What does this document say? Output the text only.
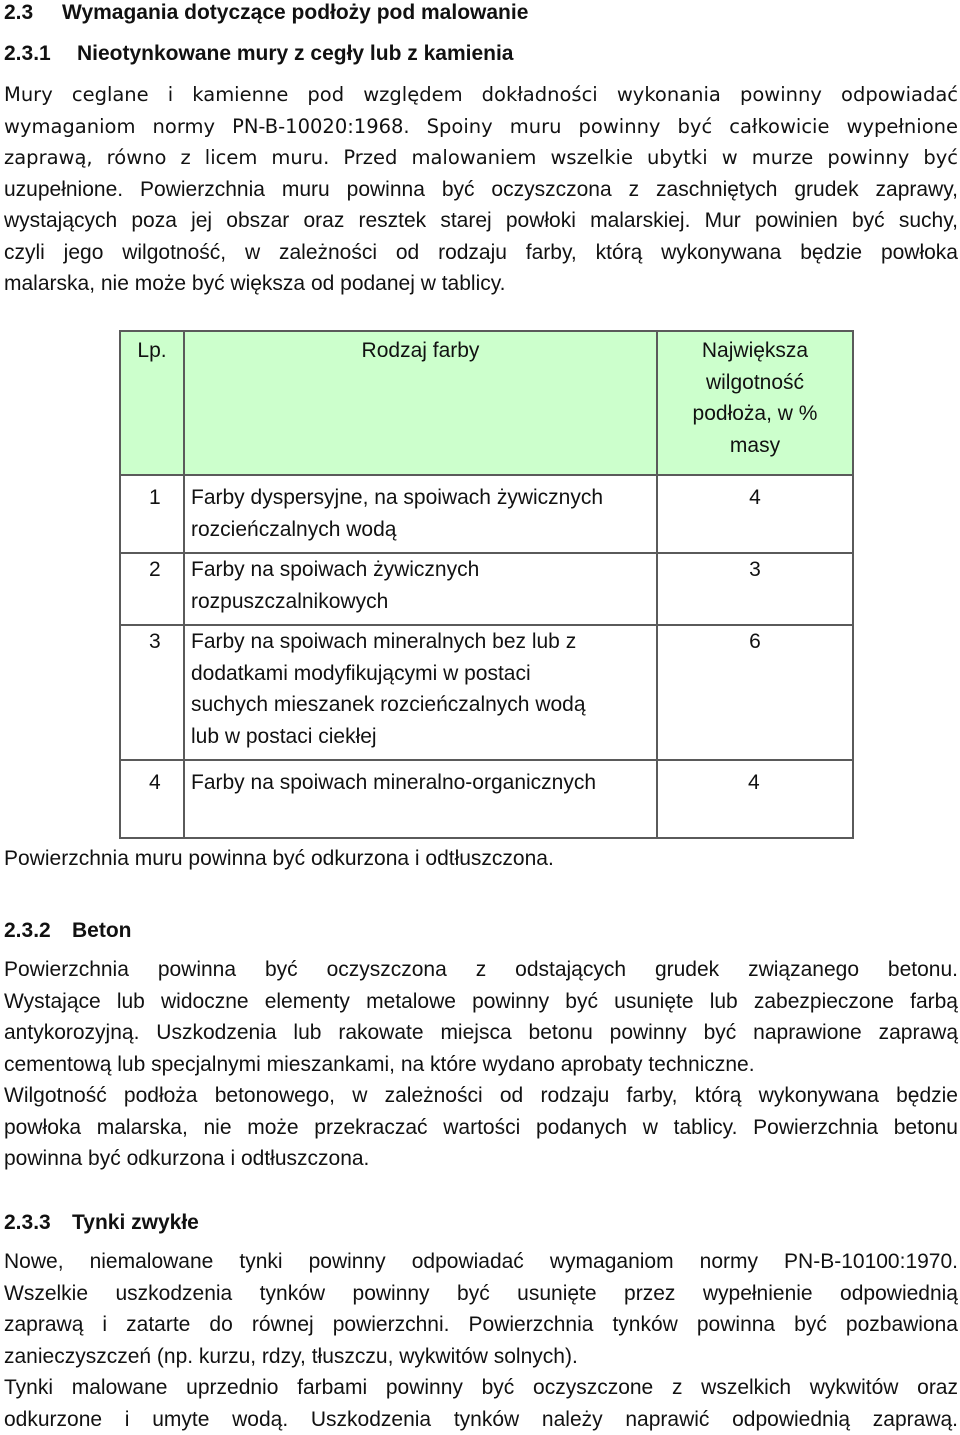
2.3 Wymagania dotyczące podłoży pod malowanie
2.3.1 Nieotynkowane mury z cegły lub z kamienia
Mury ceglane i kamienne pod względem dokładności wykonania powinny odpowiadać
wymaganiom normy PN-B-10020:1968. Spoiny muru powinny być całkowicie wypełnione
zaprawą, równo z licem muru. Przed malowaniem wszelkie ubytki w murze powinny być
uzupełnione. Powierzchnia muru powinna być oczyszczona z zaschniętych grudek zaprawy,
wystających poza jej obszar oraz resztek starej powłoki malarskiej. Mur powinien być suchy,
czyli jego wilgotność, w zależności od rodzaju farby, którą wykonywana będzie powłoka
malarska, nie może być większa od podanej w tablicy.
Lp.	Rodzaj farby	Największa
wilgotność
podłoża, w %
masy

1	Farby dyspersyjne, na spoiwach żywicznych
rozcieńczalnych wodą	4
2	Farby na spoiwach żywicznych
rozpuszczalnikowych	3
3	Farby na spoiwach mineralnych bez lub z
dodatkami modyfikującymi w postaci
suchych mieszanek rozcieńczalnych wodą
lub w postaci ciekłej	6
4	Farby na spoiwach mineralno-organicznych	4
Powierzchnia muru powinna być odkurzona i odtłuszczona.
2.3.2 Beton
Powierzchnia powinna być oczyszczona z odstających grudek związanego betonu.
Wystające lub widoczne elementy metalowe powinny być usunięte lub zabezpieczone farbą
antykorozyjną. Uszkodzenia lub rakowate miejsca betonu powinny być naprawione zaprawą
cementową lub specjalnymi mieszankami, na które wydano aprobaty techniczne.
Wilgotność podłoża betonowego, w zależności od rodzaju farby, którą wykonywana będzie
powłoka malarska, nie może przekraczać wartości podanych w tablicy. Powierzchnia betonu
powinna być odkurzona i odtłuszczona.
2.3.3 Tynki zwykłe
Nowe, niemalowane tynki powinny odpowiadać wymaganiom normy PN-B-10100:1970.
Wszelkie uszkodzenia tynków powinny być usunięte przez wypełnienie odpowiednią
zaprawą i zatarte do równej powierzchni. Powierzchnia tynków powinna być pozbawiona
zanieczyszczeń (np. kurzu, rdzy, tłuszczu, wykwitów solnych).
Tynki malowane uprzednio farbami powinny być oczyszczone z wszelkich wykwitów oraz
odkurzone i umyte wodą. Uszkodzenia tynków należy naprawić odpowiednią zaprawą.
